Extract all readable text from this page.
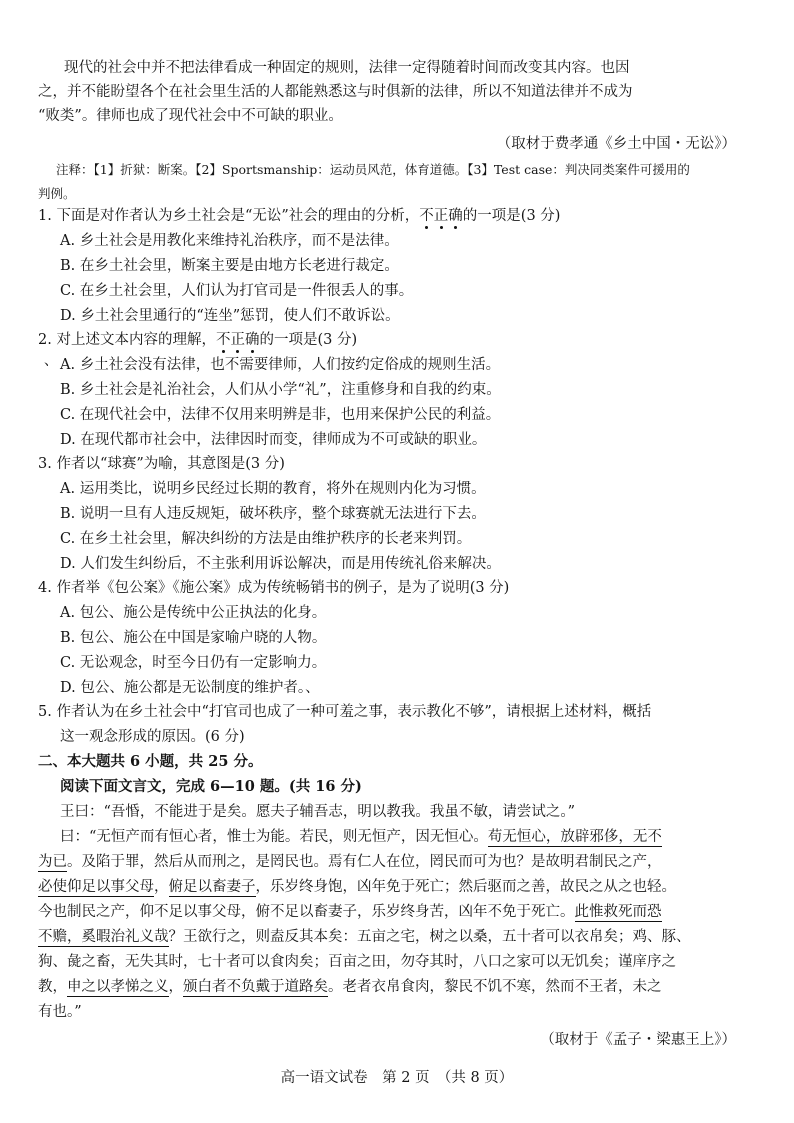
现代的社会中并不把法律看成一种固定的规则，法律一定得随着时间而改变其内容。也因
之，并不能盼望各个在社会里生活的人都能熟悉这与时俱新的法律，所以不知道法律并不成为
“败类”。律师也成了现代社会中不可缺的职业。
（取材于费孝通《乡土中国・无讼》）
注释：【1】折狱：断案。【2】Sportsmanship：运动员风范，体育道德。【3】Test case：判决同类案件可援用的
判例。
1. 下面是对作者认为乡土社会是“无讼”社会的理由的分析，不正确的一项是(3 分)
A. 乡土社会是用教化来维持礼治秩序，而不是法律。
B. 在乡土社会里，断案主要是由地方长老进行裁定。
C. 在乡土社会里，人们认为打官司是一件很丢人的事。
D. 乡土社会里通行的“连坐”惩罚，使人们不敢诉讼。
2. 对上述文本内容的理解，不正确的一项是(3 分)
、 A. 乡土社会没有法律，也不需要律师，人们按约定俗成的规则生活。
B. 乡土社会是礼治社会，人们从小学“礼”，注重修身和自我的约束。
C. 在现代社会中，法律不仅用来明辨是非，也用来保护公民的利益。
D. 在现代都市社会中，法律因时而变，律师成为不可或缺的职业。
3. 作者以“球赛”为喻，其意图是(3 分)
A. 运用类比，说明乡民经过长期的教育，将外在规则内化为习惯。
B. 说明一旦有人违反规矩，破坏秩序，整个球赛就无法进行下去。
C. 在乡土社会里，解决纠纷的方法是由维护秩序的长老来判罚。
D. 人们发生纠纷后，不主张利用诉讼解决，而是用传统礼俗来解决。
4. 作者举《包公案》《施公案》成为传统畅销书的例子，是为了说明(3 分)
A. 包公、施公是传统中公正执法的化身。
B. 包公、施公在中国是家喻户晓的人物。
C. 无讼观念，时至今日仍有一定影响力。
D. 包公、施公都是无讼制度的维护者。、
5. 作者认为在乡土社会中“打官司也成了一种可羞之事，表示教化不够”，请根据上述材料，概括
这一观念形成的原因。(6 分)
二、本大题共 6 小题，共 25 分。
阅读下面文言文，完成 6—10 题。(共 16 分)
王曰：“吾惛，不能进于是矣。愿夫子辅吾志，明以教我。我虽不敏，请尝试之。”
曰：“无恒产而有恒心者，惟士为能。若民，则无恒产，因无恒心。苟无恒心，放辟邪侈，无不
为已。及陷于罪，然后从而刑之，是罔民也。焉有仁人在位，罔民而可为也？是故明君制民之产，
必使仰足以事父母，俯足以畜妻子，乐岁终身饱，凶年免于死亡；然后驱而之善，故民之从之也轻。
今也制民之产，仰不足以事父母，俯不足以畜妻子，乐岁终身苦，凶年不免于死亡。此惟救死而恐
不赡，奚暇治礼义哉？王欲行之，则盍反其本矣：五亩之宅，树之以桑，五十者可以衣帛矣；鸡、豚、
狗、彘之畜，无失其时，七十者可以食肉矣；百亩之田，勿夺其时，八口之家可以无饥矣；谨庠序之
教，申之以孝悌之义，颁白者不负戴于道路矣。老者衣帛食肉，黎民不饥不寒，然而不王者，未之
有也。”
（取材于《孟子・梁惠王上》）
高一语文试卷　第 2 页　（共 8 页）
